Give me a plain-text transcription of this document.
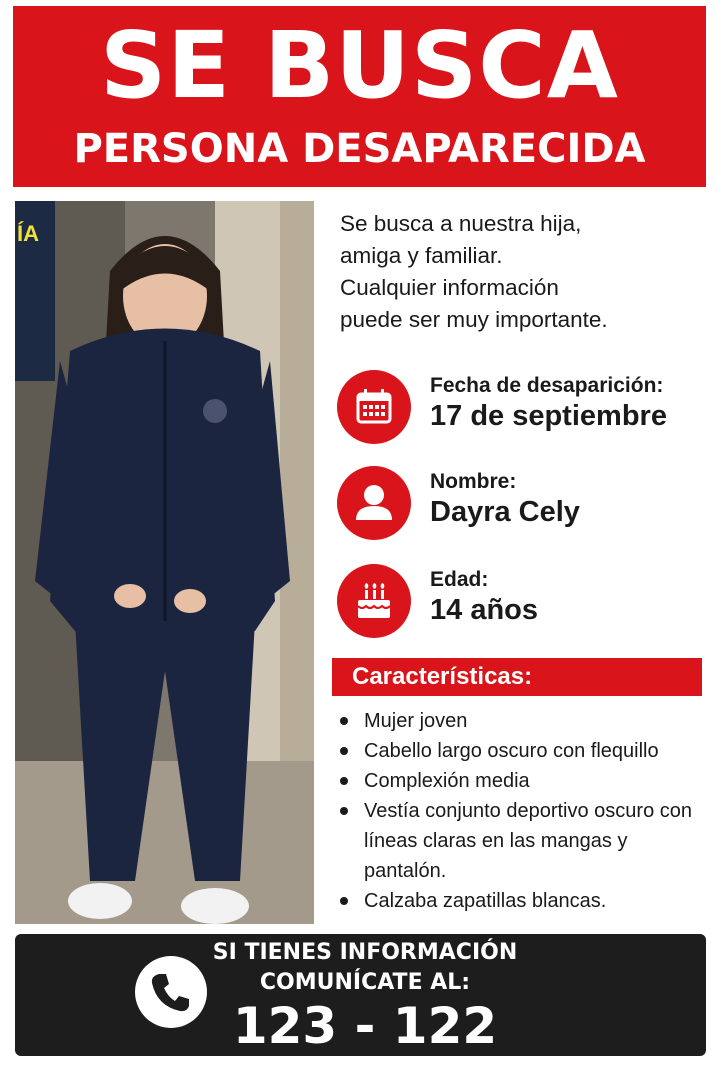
SE BUSCA
PERSONA DESAPARECIDA
ÍA	Se busca a nuestra hija,
amiga y familiar.
Cualquier información
puede ser muy importante.
Fecha de desaparición:
17 de septiembre
Nombre:
Dayra Cely
Edad:
14 años
Características:
Mujer joven
Cabello largo oscuro con flequillo
Complexión media
Vestía conjunto deportivo oscuro con líneas claras en las mangas y pantalón.
Calzaba zapatillas blancas.
SI TIENES INFORMACIÓN
COMUNÍCATE AL:
123 - 122
